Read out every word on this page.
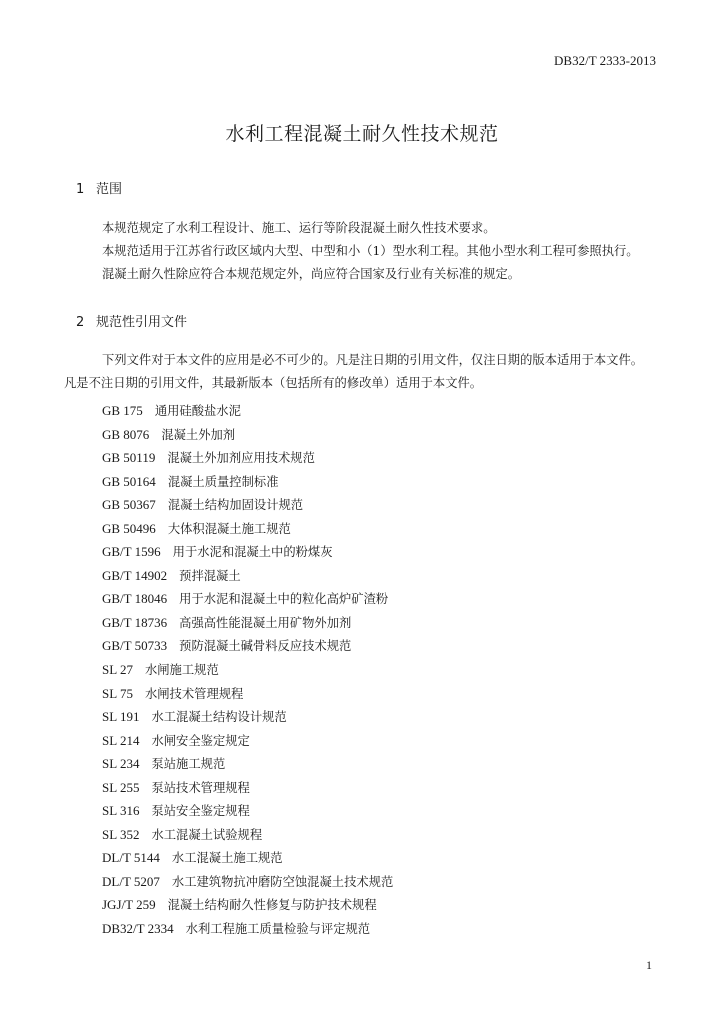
DB32/T 2333-2013
水利工程混凝土耐久性技术规范
1 范围
本规范规定了水利工程设计、施工、运行等阶段混凝土耐久性技术要求。
本规范适用于江苏省行政区域内大型、中型和小（1）型水利工程。其他小型水利工程可参照执行。
混凝土耐久性除应符合本规范规定外，尚应符合国家及行业有关标准的规定。
2 规范性引用文件
下列文件对于本文件的应用是必不可少的。凡是注日期的引用文件，仅注日期的版本适用于本文件。
凡是不注日期的引用文件，其最新版本（包括所有的修改单）适用于本文件。
GB 175 通用硅酸盐水泥
GB 8076 混凝土外加剂
GB 50119 混凝土外加剂应用技术规范
GB 50164 混凝土质量控制标准
GB 50367 混凝土结构加固设计规范
GB 50496 大体积混凝土施工规范
GB/T 1596 用于水泥和混凝土中的粉煤灰
GB/T 14902 预拌混凝土
GB/T 18046 用于水泥和混凝土中的粒化高炉矿渣粉
GB/T 18736 高强高性能混凝土用矿物外加剂
GB/T 50733 预防混凝土碱骨料反应技术规范
SL 27 水闸施工规范
SL 75 水闸技术管理规程
SL 191 水工混凝土结构设计规范
SL 214 水闸安全鉴定规定
SL 234 泵站施工规范
SL 255 泵站技术管理规程
SL 316 泵站安全鉴定规程
SL 352 水工混凝土试验规程
DL/T 5144 水工混凝土施工规范
DL/T 5207 水工建筑物抗冲磨防空蚀混凝土技术规范
JGJ/T 259 混凝土结构耐久性修复与防护技术规程
DB32/T 2334 水利工程施工质量检验与评定规范
1
